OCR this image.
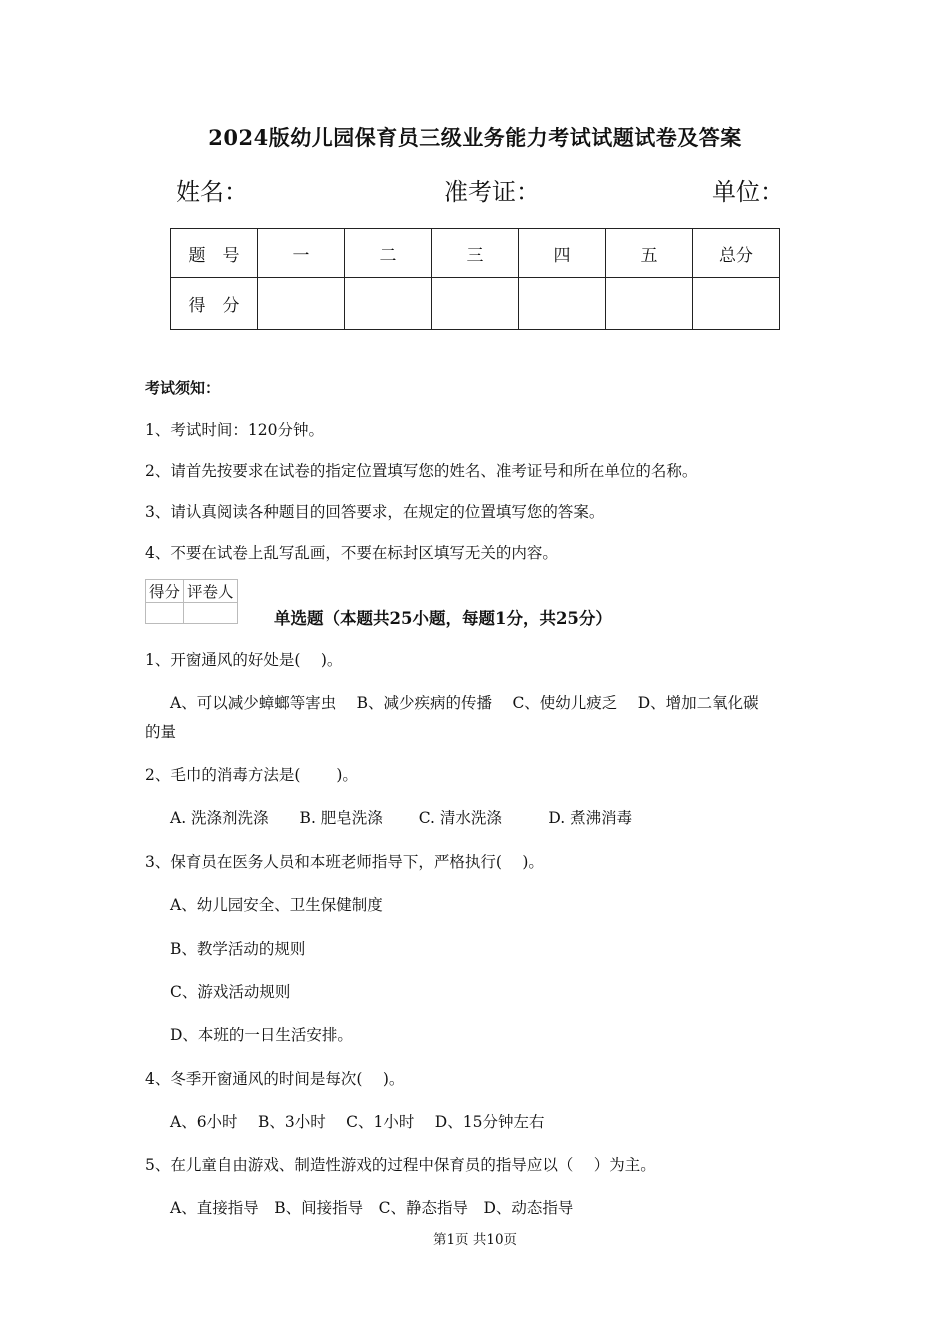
2024版幼儿园保育员三级业务能力考试试题试卷及答案
姓名：	准考证：	单位：
题　号	一	二	三	四	五	总分
得　分						
考试须知：
1、考试时间：120分钟。
2、请首先按要求在试卷的指定位置填写您的姓名、准考证号和所在单位的名称。
3、请认真阅读各种题目的回答要求，在规定的位置填写您的答案。
4、不要在试卷上乱写乱画，不要在标封区填写无关的内容。
得分	评卷人

单选题（本题共25小题，每题1分，共25分）
1、开窗通风的好处是(　 )。
A、可以减少蟑螂等害虫　 B、减少疾病的传播　 C、使幼儿疲乏　 D、增加二氧化碳
的量
2、毛巾的消毒方法是(　　 )。
A. 洗涤剂洗涤　　B. 肥皂洗涤　　 C. 清水洗涤　　　D. 煮沸消毒
3、保育员在医务人员和本班老师指导下，严格执行(　 )。
A、幼儿园安全、卫生保健制度
B、教学活动的规则
C、游戏活动规则
D、本班的一日生活安排。
4、冬季开窗通风的时间是每次(　 )。
A、6小时　 B、3小时　 C、1小时　 D、15分钟左右
5、在儿童自由游戏、制造性游戏的过程中保育员的指导应以（　 ）为主。
A、直接指导　B、间接指导　C、静态指导　D、动态指导
第1页 共10页
